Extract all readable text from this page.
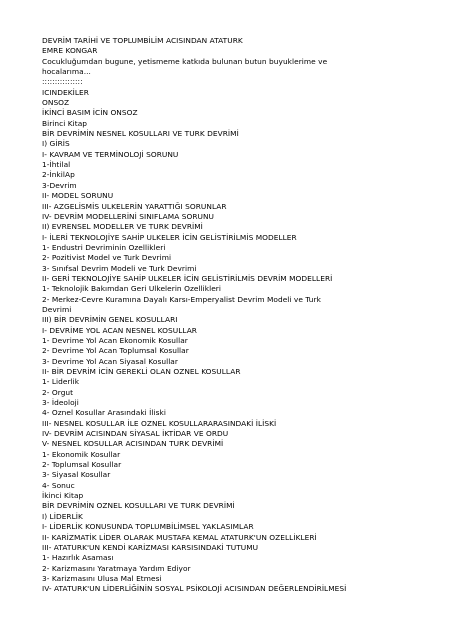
DEVRİM TARİHİ VE TOPLUMBİLİM ACISINDAN ATATURK
EMRE KONGAR
Cocukluğumdan bugune, yetismeme katkıda bulunan butun buyuklerime ve
hocalarıma...
::::::::::::::::
ICINDEKİLER
ONSOZ
İKİNCİ BASIM İCİN ONSOZ
Birinci Kitap
BİR DEVRİMİN NESNEL KOSULLARI VE TURK DEVRİMİ
I) GİRİS
I- KAVRAM VE TERMİNOLOJİ SORUNU
1-İhtilal
2-İnkilAp
3-Devrim
II- MODEL SORUNU
III- AZGELİSMİS ULKELERİN YARATTIĞI SORUNLAR
IV- DEVRİM MODELLERİNİ SINIFLAMA SORUNU
II) EVRENSEL MODELLER VE TURK DEVRİMİ
I- İLERİ TEKNOLOJİYE SAHİP ULKELER İCİN GELİSTİRİLMİS MODELLER
1- Endustri Devriminin Ozellikleri
2- Pozitivist Model ve Turk Devrimi
3- Sınıfsal Devrim Modeli ve Turk Devrimi
II- GERİ TEKNOLOJİYE SAHİP ULKELER İCİN GELİSTİRİLMİS DEVRİM MODELLERİ
1- Teknolojik Bakımdan Geri Ulkelerin Ozellikleri
2- Merkez-Cevre Kuramına Dayalı Karsı-Emperyalist Devrim Modeli ve Turk
Devrimi
III) BİR DEVRİMİN GENEL KOSULLARI
I- DEVRİME YOL ACAN NESNEL KOSULLAR
1- Devrime Yol Acan Ekonomik Kosullar
2- Devrime Yol Acan Toplumsal Kosullar
3- Devrime Yol Acan Siyasal Kosullar
II- BİR DEVRİM İCİN GEREKLİ OLAN OZNEL KOSULLAR
1- Liderlik
2- Orgut
3- İdeoloji
4- Oznel Kosullar Arasındaki İliski
III- NESNEL KOSULLAR İLE OZNEL KOSULLARARASINDAKİ İLİSKİ
IV- DEVRİM ACISINDAN SİYASAL İKTİDAR VE ORDU
V- NESNEL KOSULLAR ACISINDAN TURK DEVRİMİ
1- Ekonomik Kosullar
2- Toplumsal Kosullar
3- Siyasal Kosullar
4- Sonuc
İkinci Kitap
BİR DEVRİMİN OZNEL KOSULLARI VE TURK DEVRİMİ
I) LİDERLİK
I- LİDERLİK KONUSUNDA TOPLUMBİLİMSEL YAKLASIMLAR
II- KARİZMATİK LİDER OLARAK MUSTAFA KEMAL ATATURK'UN OZELLİKLERİ
III- ATATURK'UN KENDİ KARİZMASI KARSISINDAKİ TUTUMU
1- Hazırlık Asaması
2- Karizmasını Yaratmaya Yardım Ediyor
3- Karizmasını Ulusa Mal Etmesi
IV- ATATURK'UN LİDERLİĞİNİN SOSYAL PSİKOLOJİ ACISINDAN DEĞERLENDİRİLMESİ
